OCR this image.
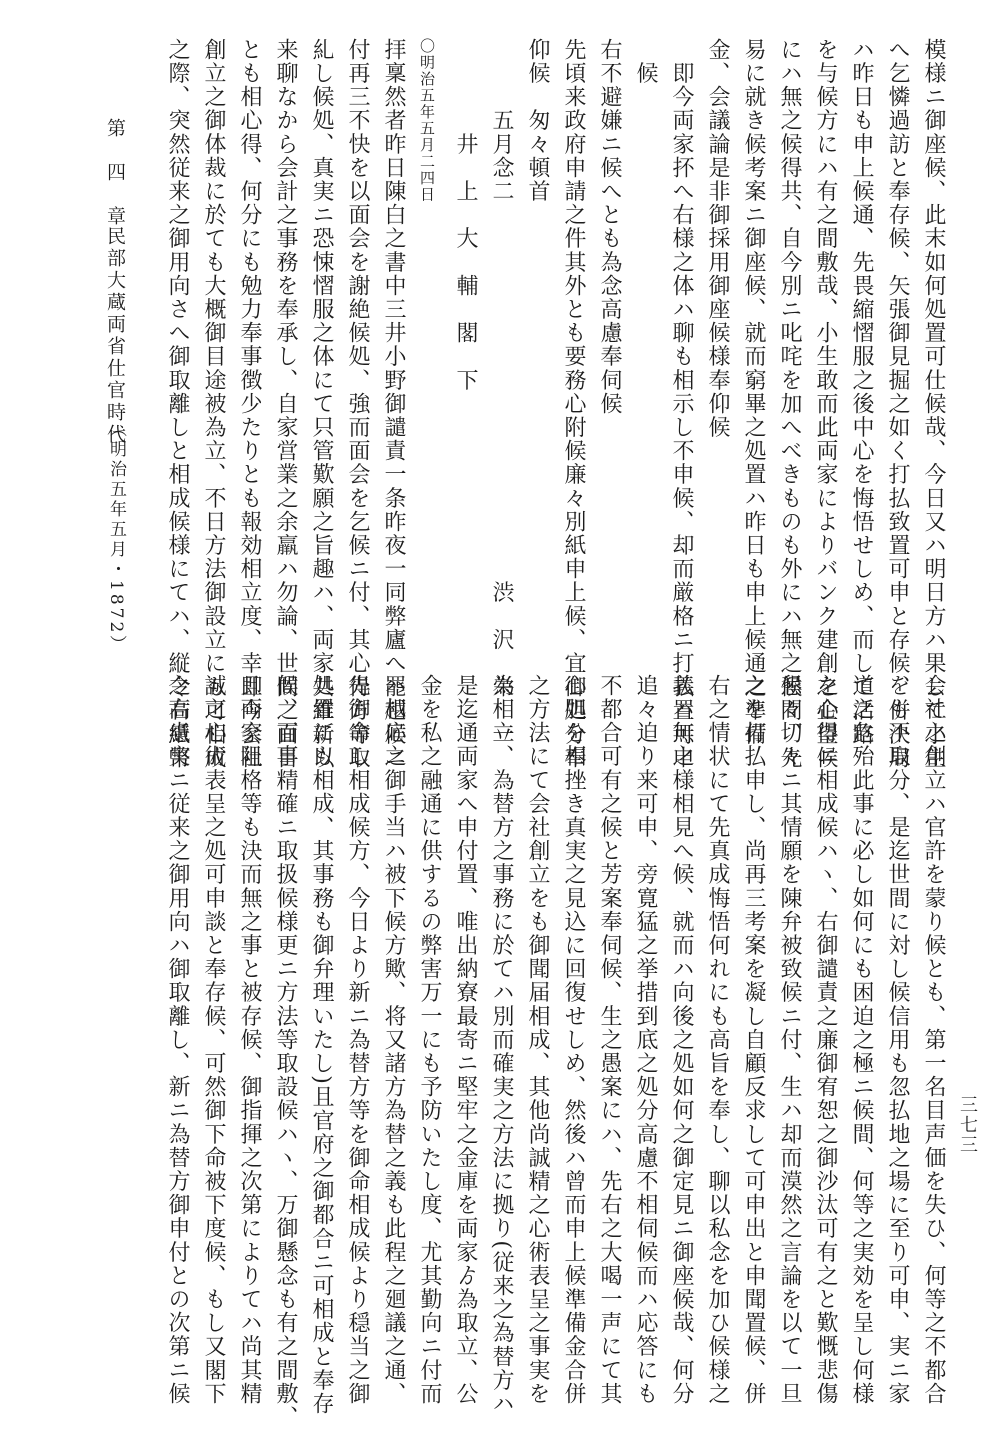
模様ニ御座候、此末如何処置可仕候哉、今日又ハ明日方ハ果して小生
へ乞憐過訪と奉存候、矢張御見掘之如く打払致置可申と存候、併決局
ハ昨日も申上候通、先畏縮慴服之後中心を悔悟せしめ、而して活路
を与候方にハ有之間敷哉、小生敢而此両家によりバンク建創を企望候
にハ無之候得共、自今別ニ叱咤を加へべきものも外にハ無之候間、先
易に就き候考案ニ御座候、就而窮畢之処置ハ昨日も申上候通之準備
金、会議論是非御採用御座候様奉仰候
　即今両家抔へ右様之体ハ聊も相示し不申候、却而厳格ニ打払置可申
　候
右不避嫌ニ候へとも為念高慮奉伺候
先頃来政府申請之件其外とも要務心附候廉々別紙申上候、宜御処分奉
仰候　匆々頓首
　　　五月念二　　　　　　　　　　　　　　　　渋　沢　栄　一
　　　　井　上　大　輔　閣　下
〇明治五年五月二四日
拝稟然者昨日陳白之書中三井小野御譴責一条昨夜一同弊廬へ罷越候ニ
付再三不快を以面会を謝絶候処、強而面会を乞候ニ付、其心得方等取
糺し候処、真実ニ恐悚慴服之体にて只管歎願之旨趣ハ、両家共維新以
来聊なから会計之事務を奉承し、自家営業之余羸ハ勿論、世間之面目
とも相心得、何分にも勉力奉事徴少たりとも報効相立度、幸即今会社
創立之御体裁に於ても大概御目途被為立、不日方法御設立にも可相成
之際、突然従来之御用向さへ御取離しと相成候様にてハ、縦令右紙幣
第　四　章
民部大蔵両省仕官時代
（明治五年五月・1872）
会社之創立ハ官許を蒙り候とも、第一名目声価を失ひ、何等之不都合
をも不取分、是迄世間に対し候信用も忽払地之場に至り可申、実ニ家
道之危殆此事に必し如何にも困迫之極ニ候間、何等之実効を呈し何様
之心得ニ相成候ハヽ、右御譴責之廉御宥恕之御沙汰可有之と歎慨悲傷
懇々切々ニ其情願を陳弁被致候ニ付、生ハ却而漠然之言論を以て一旦
之を打払申し、尚再三考案を凝し自顧反求して可申出と申聞置候、併
右之情状にて先真成悔悟何れにも高旨を奉し、聊以私念を加ひ候様之
義ハ無之様相見へ候、就而ハ向後之処如何之御定見ニ御座候哉、何分
追々迫り来可申、旁寛猛之挙措到底之処分高慮不相伺候而ハ応答にも
不都合可有之候と芳案奉伺候、生之愚案にハ、先右之大喝一声にて其
心胆を相挫き真実之見込に回復せしめ、然後ハ曾而申上候準備金合併
之方法にて会社創立をも御聞届相成、其他尚誠精之心術表呈之事実を
為相立、為替方之事務に於てハ別而確実之方法に拠り(従来之為替方ハ
是迄通両家へ申付置、唯出納寮最寄ニ堅牢之金庫を両家ゟ為取立、公
金を私之融通に供するの弊害万一にも予防いたし度、尤其勤向ニ付而
ハ相応之御手当ハ被下候方歟、将又諸方為替之義も此程之廻議之通、
先御命し相成候方、今日より新ニ為替方等を御命相成候より穏当之御
処置にも相成、其事務も御弁理いたし)且官府之御都合ニ可相成と奉存
候、百事精確ニ取扱候様更ニ方法等取設候ハヽ、万御懸念も有之間敷、
且両家阻格等も決而無之事と被存候、御指揮之次第によりてハ尚其精
誠之心術表呈之処可申談と奉存候、可然御下命被下度候、もし又閣下
之高慮実ニ従来之御用向ハ御取離し、新ニ為替方御申付との次第ニ候	三七三
